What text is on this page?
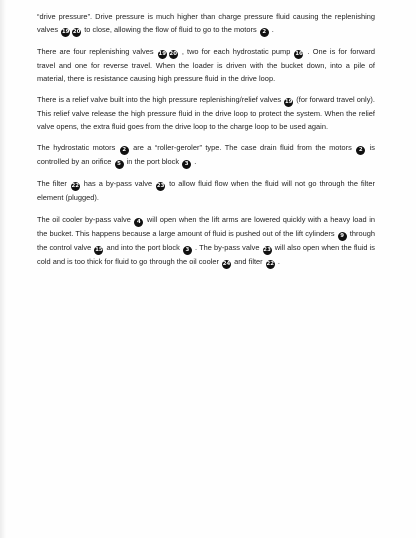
“drive pressure”. Drive pressure is much higher than charge pressure fluid causing the replenishing valves 19 20 to close, allowing the flow of fluid to go to the motors 2 .

There are four replenishing valves 19 20 , two for each hydrostatic pump 16 . One is for forward travel and one for reverse travel. When the loader is driven with the bucket down, into a pile of material, there is resistance causing high pressure fluid in the drive loop.

There is a relief valve built into the high pressure replenishing/relief valves 19 (for forward travel only). This relief valve release the high pressure fluid in the drive loop to protect the system. When the relief valve opens, the extra fluid goes from the drive loop to the charge loop to be used again.

The hydrostatic motors 2 are a “roller-geroler” type. The case drain fluid from the motors 2 is controlled by an orifice 5 in the port block 3 .

The filter 22 has a by-pass valve 23 to allow fluid flow when the fluid will not go through the filter element (plugged).

The oil cooler by-pass valve 4 will open when the lift arms are lowered quickly with a heavy load in the bucket. This happens because a large amount of fluid is pushed out of the lift cylinders 9 through the control valve 15 and into the port block 3 . The by-pass valve 23 will also open when the fluid is cold and is too thick for fluid to go through the oil cooler 24 and filter 22 .
